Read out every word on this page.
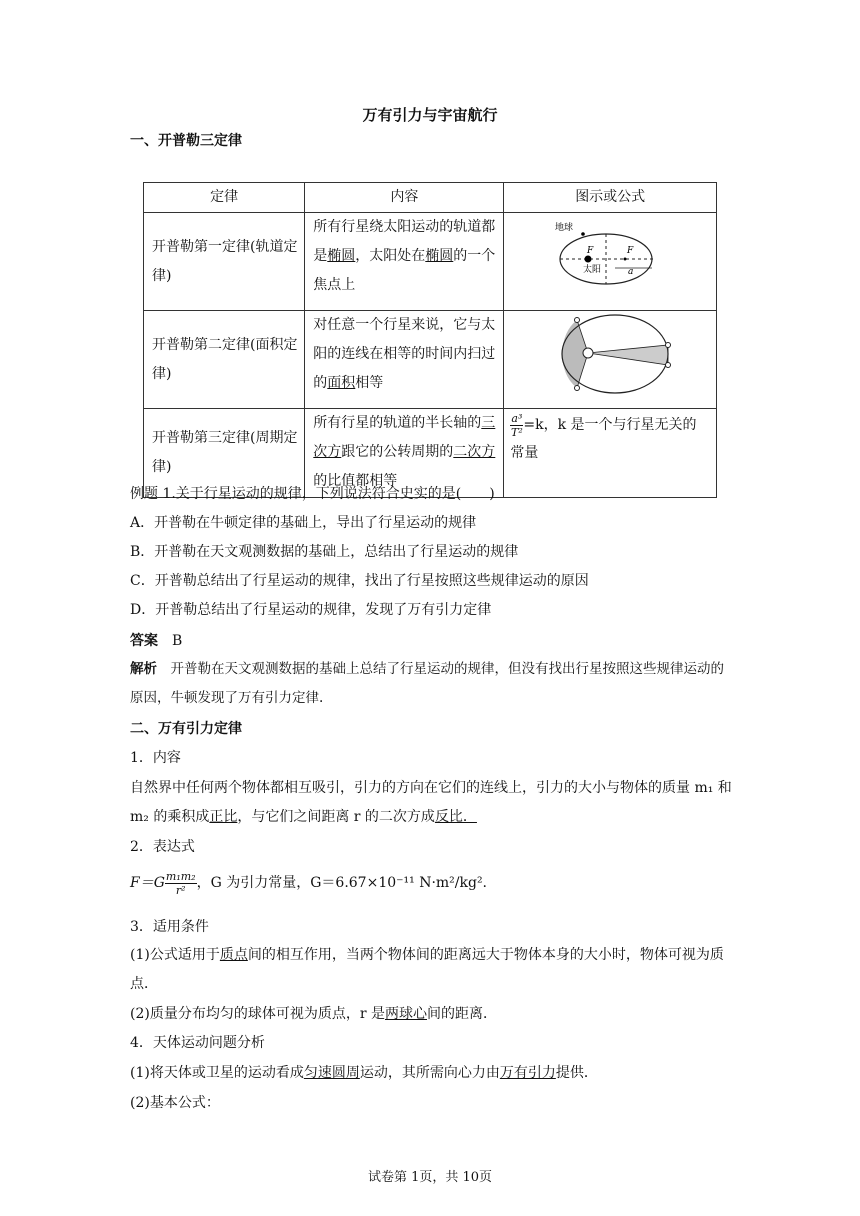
万有引力与宇宙航行
一、开普勒三定律
定律	内容	图示或公式
开普勒第一定律(轨道定律)	所有行星绕太阳运动的轨道都是椭圆，太阳处在椭圆的一个焦点上	地球
F F
太阳 a

开普勒第二定律(面积定律)	对任意一个行星来说，它与太阳的连线在相等的时间内扫过的面积相等	
开普勒第三定律(周期定律)	所有行星的轨道的半长轴的三次方跟它的公转周期的二次方的比值都相等	$\frac{\text{a³}}{\text{T²}} =k$，k 是一个与行星无关的常量
例题 1.关于行星运动的规律，下列说法符合史实的是(　　)
A．开普勒在牛顿定律的基础上，导出了行星运动的规律
B．开普勒在天文观测数据的基础上，总结出了行星运动的规律
C．开普勒总结出了行星运动的规律，找出了行星按照这些规律运动的原因
D．开普勒总结出了行星运动的规律，发现了万有引力定律
答案　 B
解析　 开普勒在天文观测数据的基础上总结了行星运动的规律，但没有找出行星按照这些规律运动的原因，牛顿发现了万有引力定律.
二、万有引力定律
1．内容
自然界中任何两个物体都相互吸引，引力的方向在它们的连线上，引力的大小与物体的质量 m₁ 和 m₂ 的乘积成正比，与它们之间距离 r 的二次方成反比．
2．表达式
$F=G \frac{\text{m₁m₂}}{\text{r²}}$ ，G 为引力常量，G＝6.67×10⁻¹¹ N·m²/kg².
3．适用条件
(1)公式适用于质点间的相互作用，当两个物体间的距离远大于物体本身的大小时，物体可视为质点．
(2)质量分布均匀的球体可视为质点，r 是两球心间的距离．
4．天体运动问题分析
(1)将天体或卫星的运动看成匀速圆周运动，其所需向心力由万有引力提供．
(2)基本公式：
试卷第 1页，共 10页
